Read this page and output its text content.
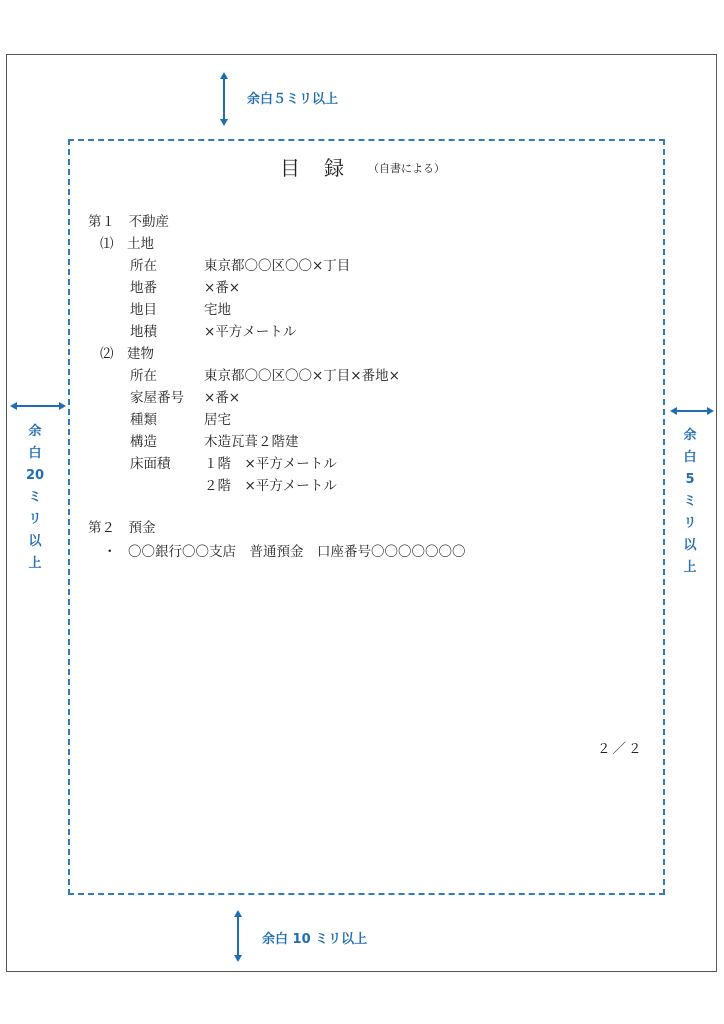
余白５ミリ以上
余
白
20
ミ
リ
以
上
余
白
5
ミ
リ
以
上
余白 10 ミリ以上
目 録 （自書による）
第１　不動産
⑴　土地
所在	東京都〇〇区〇〇×丁目
地番	×番×
地目	宅地
地積	×平方メートル
⑵　建物
所在	東京都〇〇区〇〇×丁目×番地×
家屋番号 ×番×
種類	居宅
構造	木造瓦葺２階建
床面積 １階　×平方メートル
２階　×平方メートル
第２　預金
・ 〇〇銀行〇〇支店　普通預金　口座番号〇〇〇〇〇〇〇
２／２
